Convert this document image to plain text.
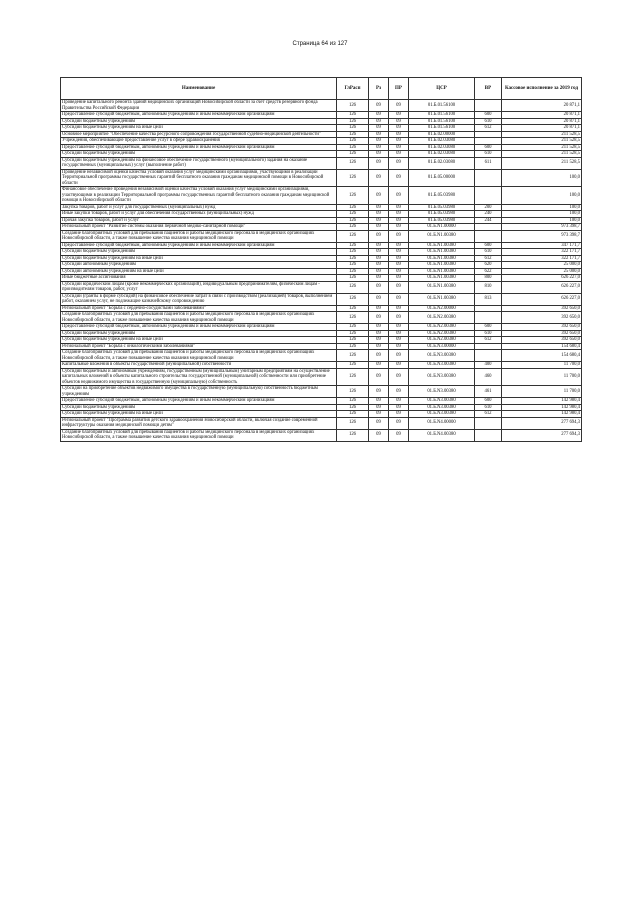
Страница 64 из 127
Наименование	ГлРасп	Рз	ПР	ЦСР	ВР	Кассовое исполнение за 2019 год
Проведение капитального ремонта зданий медицинских организаций Новосибирской области за счет средств резервного фонда Правительства Российской Федерации	126	09	09	01.Б.01.56100		20 871,1
Предоставление субсидий бюджетным, автономным учреждениям и иным некоммерческим организациям	126	09	09	01.Б.01.56100	600	20 871,1
Субсидии бюджетным учреждениям	126	09	09	01.Б.01.56100	610	20 871,1
Субсидии бюджетным учреждениям на иные цели	126	09	09	01.Б.01.56100	612	20 871,1
Основное мероприятие "Обеспечение качества ресурсного сопровождения государственной судебно-медицинской деятельности"	126	09	09	01.Б.02.00000		211 528,5
Учреждения, обеспечивающие предоставление услуг в сфере здравоохранения	126	09	09	01.Б.02.03080		211 528,5
Предоставление субсидий бюджетным, автономным учреждениям и иным некоммерческим организациям	126	09	09	01.Б.02.03080	600	211 528,5
Субсидии бюджетным учреждениям	126	09	09	01.Б.02.03080	610	211 528,5
Субсидии бюджетным учреждениям на финансовое обеспечение государственного (муниципального) задания на оказание государственных (муниципальных) услуг (выполнение работ)	126	09	09	01.Б.02.03080	611	211 528,5
Проведение независимой оценки качества условий оказания услуг медицинскими организациями, участвующими в реализации Территориальной программы государственных гарантий бесплатного оказания гражданам медицинской помощи в Новосибирской области	126	09	09	01.Б.05.00000		100,0
Финансовое обеспечение проведения независимой оценки качества условий оказания услуг медицинскими организациями, участвующими в реализации Территориальной программы государственных гарантий бесплатного оказания гражданам медицинской помощи в Новосибирской области	126	09	09	01.Б.05.03980		100,0
Закупка товаров, работ и услуг для государственных (муниципальных) нужд	126	09	09	01.Б.05.03980	200	100,0
Иные закупки товаров, работ и услуг для обеспечения государственных (муниципальных) нужд	126	09	09	01.Б.05.03980	240	100,0
Прочая закупка товаров, работ и услуг	126	09	09	01.Б.05.03980	244	100,0
Региональный проект "Развитие системы оказания первичной медико-санитарной помощи"	126	09	09	01.Б.N1.00000		973 398,7
Создание благоприятных условий для пребывания пациентов и работы медицинского персонала в медицинских организациях Новосибирской области, а также повышение качества оказания медицинской помощи	126	09	09	01.Б.N1.00380		973 398,7
Предоставление субсидий бюджетным, автономным учреждениям и иным некоммерческим организациям	126	09	09	01.Б.N1.00380	600	347 171,7
Субсидии бюджетным учреждениям	126	09	09	01.Б.N1.00380	610	322 171,7
Субсидии бюджетным учреждениям на иные цели	126	09	09	01.Б.N1.00380	612	322 171,7
Субсидии автономным учреждениям	126	09	09	01.Б.N1.00380	620	25 000,0
Субсидии автономным учреждениям на иные цели	126	09	09	01.Б.N1.00380	622	25 000,0
Иные бюджетные ассигнования	126	09	09	01.Б.N1.00380	800	626 227,0
Субсидии юридическим лицам (кроме некоммерческих организаций), индивидуальным предпринимателям, физическим лицам - производителям товаров, работ, услуг	126	09	09	01.Б.N1.00380	810	626 227,0
Субсидии (гранты в форме субсидий) на финансовое обеспечение затрат в связи с производством (реализацией) товаров, выполнением работ, оказанием услуг, не подлежащие казначейскому сопровождению	126	09	09	01.Б.N1.00380	813	626 227,0
Региональный проект "Борьба с сердечно-сосудистыми заболеваниями"	126	09	09	01.Б.N2.00000		392 650,0
Создание благоприятных условий для пребывания пациентов и работы медицинского персонала в медицинских организациях Новосибирской области, а также повышение качества оказания медицинской помощи	126	09	09	01.Б.N2.00380		392 650,0
Предоставление субсидий бюджетным, автономным учреждениям и иным некоммерческим организациям	126	09	09	01.Б.N2.00380	600	392 650,0
Субсидии бюджетным учреждениям	126	09	09	01.Б.N2.00380	610	392 650,0
Субсидии бюджетным учреждениям на иные цели	126	09	09	01.Б.N2.00380	612	392 650,0
Региональный проект "Борьба с онкологическими заболеваниями"	126	09	09	01.Б.N3.00000		154 680,4
Создание благоприятных условий для пребывания пациентов и работы медицинского персонала в медицинских организациях Новосибирской области, а также повышение качества оказания медицинской помощи	126	09	09	01.Б.N3.00380		154 680,4
Капитальные вложения в объекты государственной (муниципальной) собственности	126	09	09	01.Б.N3.00380	400	11 700,0
Субсидии бюджетным и автономным учреждениям, государственным (муниципальным) унитарным предприятиям на осуществление капитальных вложений в объекты капитального строительства государственной (муниципальной) собственности или приобретение объектов недвижимого имущества в государственную (муниципальную) собственность	126	09	09	01.Б.N3.00380	460	11 700,0
Субсидии на приобретение объектов недвижимого имущества в государственную (муниципальную) собственность бюджетным учреждениям	126	09	09	01.Б.N3.00380	461	11 700,0
Предоставление субсидий бюджетным, автономным учреждениям и иным некоммерческим организациям	126	09	09	01.Б.N3.00380	600	142 980,4
Субсидии бюджетным учреждениям	126	09	09	01.Б.N3.00380	610	142 980,4
Субсидии бюджетным учреждениям на иные цели	126	09	09	01.Б.N3.00380	612	142 980,4
Региональный проект "Программа развития детского здравоохранения Новосибирской области, включая создание современной инфраструктуры оказания медицинской помощи детям"	126	09	09	01.Б.N4.00000		277 694,3
Создание благоприятных условий для пребывания пациентов и работы медицинского персонала в медицинских организациях Новосибирской области, а также повышение качества оказания медицинской помощи	126	09	09	01.Б.N4.00380		277 694,3
